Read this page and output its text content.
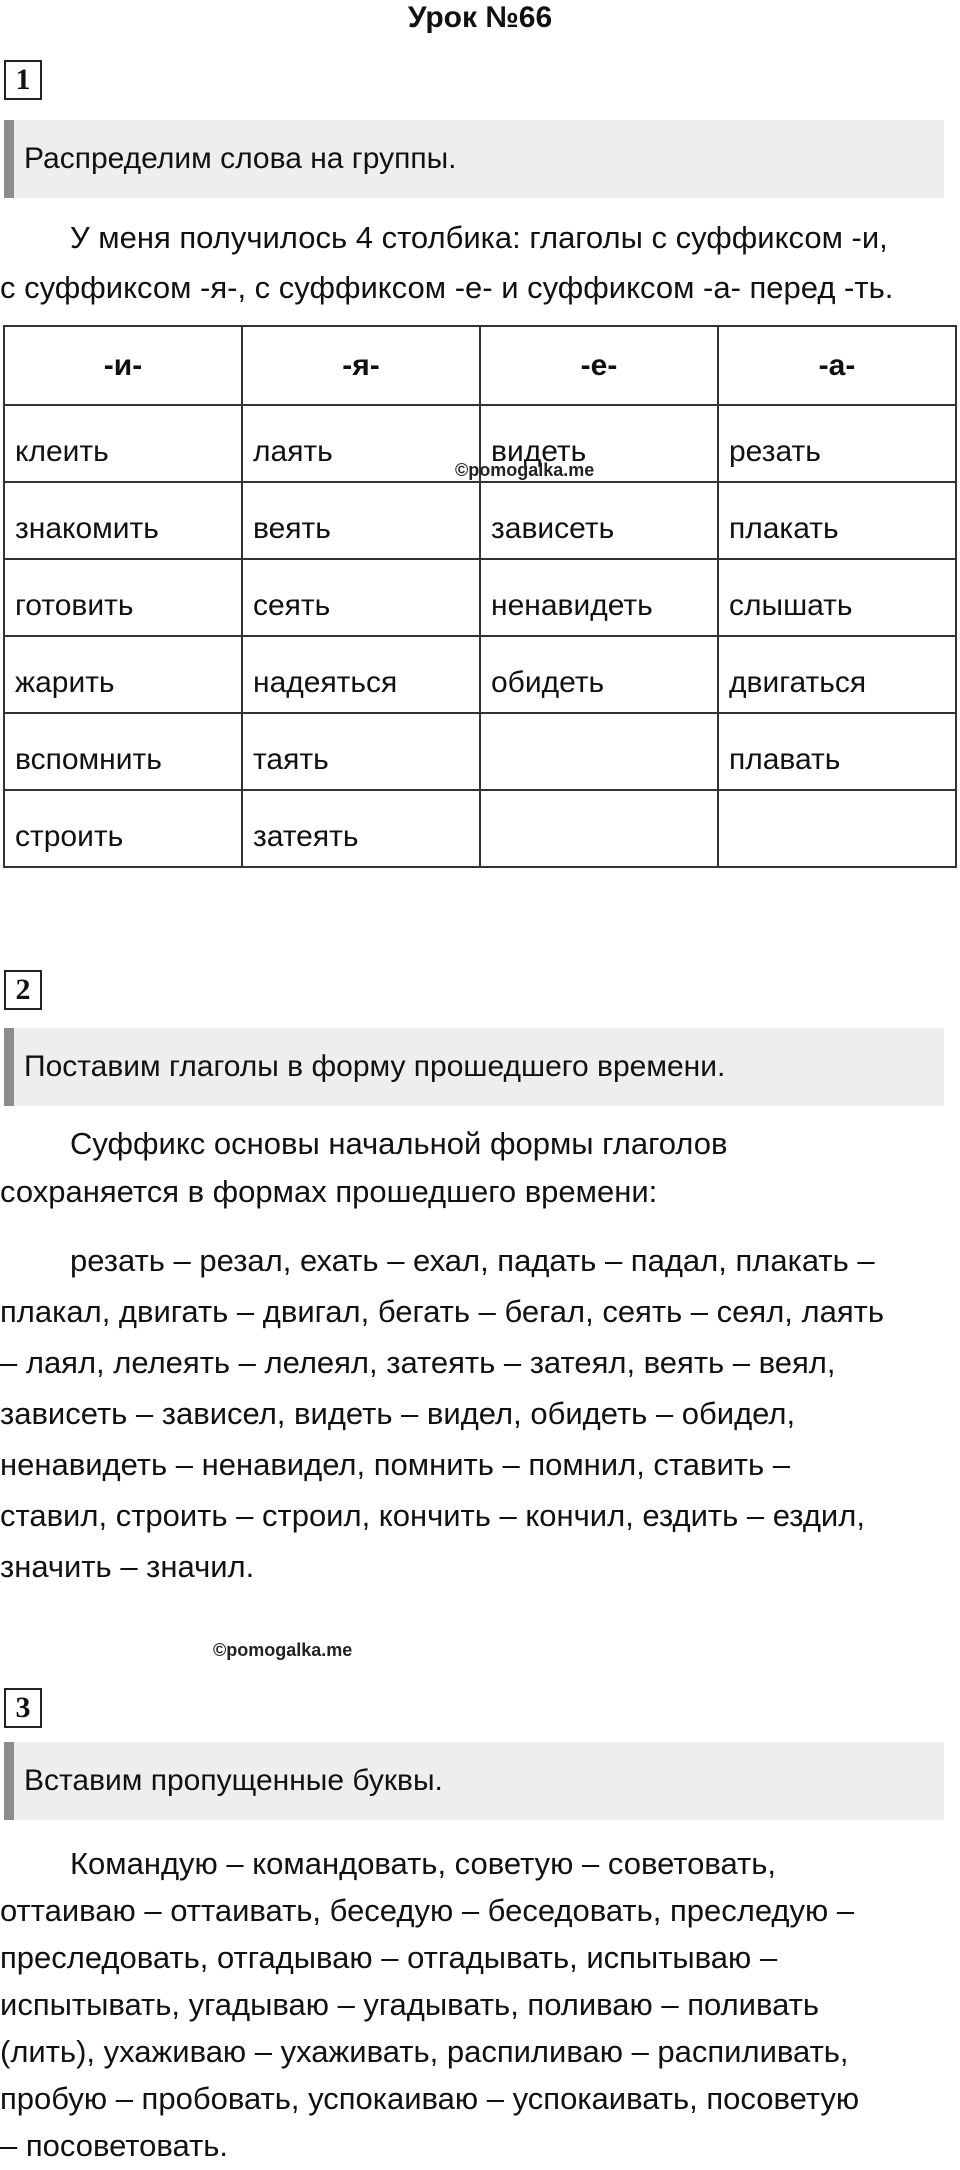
Урок №66
1
Распределим слова на группы.

У меня получилось 4 столбика: глаголы с суффиксом -и,

с суффиксом -я-, с суффиксом -е- и суффиксом -а- перед -ть.

-и-	-я-	-е-	-а-
клеить	лаять	видеть	резать
знакомить	веять	зависеть	плакать
готовить	сеять	ненавидеть	слышать
жарить	надеяться	обидеть	двигаться
вспомнить	таять		плавать
строить	затеять		
©pomogalka.me
2
Поставим глаголы в форму прошедшего времени.

Суффикс основы начальной формы глаголов

сохраняется в формах прошедшего времени:

резать – резал, ехать – ехал, падать – падал, плакать –

плакал, двигать – двигал, бегать – бегал, сеять – сеял, лаять

– лаял, лелеять – лелеял, затеять – затеял, веять – веял,

зависеть – зависел, видеть – видел, обидеть – обидел,

ненавидеть – ненавидел, помнить – помнил, ставить –

ставил, строить – строил, кончить – кончил, ездить – ездил,

значить – значил.

©pomogalka.me
3
Вставим пропущенные буквы.

Командую – командовать, советую – советовать,

оттаиваю – оттаивать, беседую – беседовать, преследую –

преследовать, отгадываю – отгадывать, испытываю –

испытывать, угадываю – угадывать, поливаю – поливать

(лить), ухаживаю – ухаживать, распиливаю – распиливать,

пробую – пробовать, успокаиваю – успокаивать, посоветую

– посоветовать.
